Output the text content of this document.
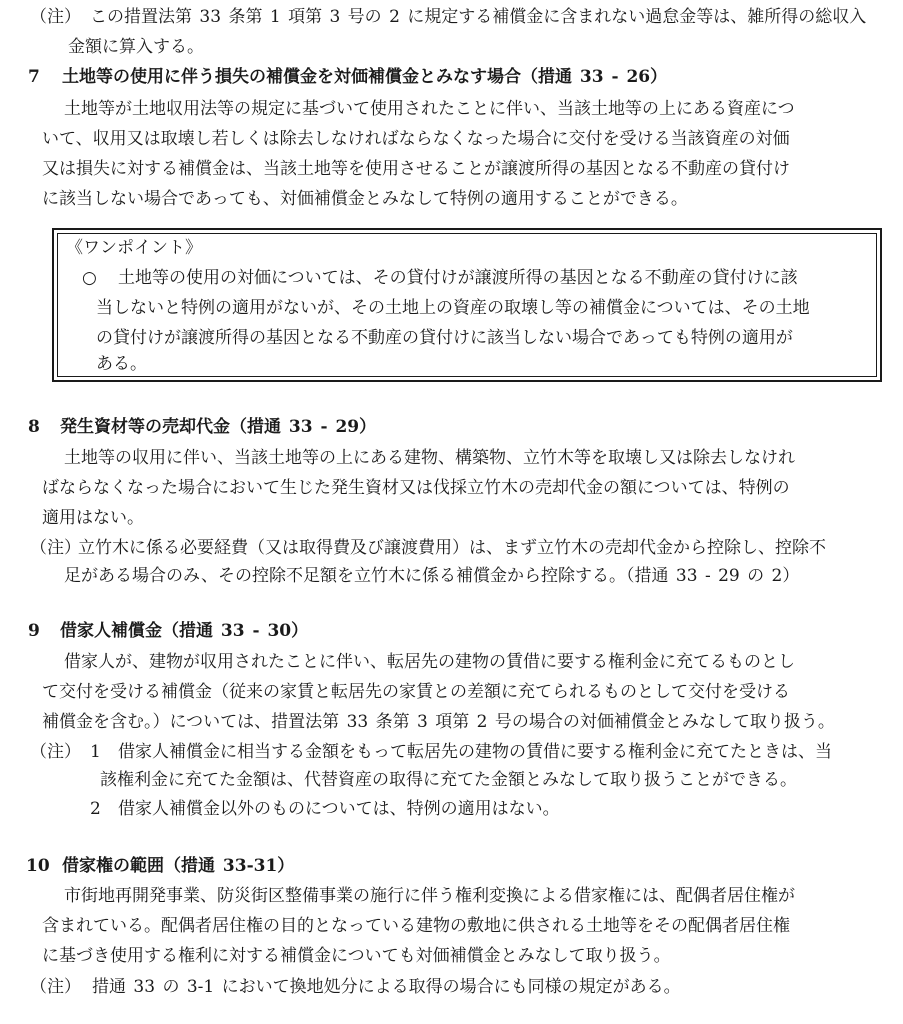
（注） この措置法第 33 条第 1 項第 3 号の 2 に規定する補償金に含まれない過怠金等は、雑所得の総収入
金額に算入する。
7 土地等の使用に伴う損失の補償金を対価補償金とみなす場合（措通 33 - 26）
土地等が土地収用法等の規定に基づいて使用されたことに伴い、当該土地等の上にある資産につ
いて、収用又は取壊し若しくは除去しなければならなくなった場合に交付を受ける当該資産の対価
又は損失に対する補償金は、当該土地等を使用させることが譲渡所得の基因となる不動産の貸付け
に該当しない場合であっても、対価補償金とみなして特例の適用することができる。
《ワンポイント》
○ 土地等の使用の対価については、その貸付けが譲渡所得の基因となる不動産の貸付けに該
当しないと特例の適用がないが、その土地上の資産の取壊し等の補償金については、その土地
の貸付けが譲渡所得の基因となる不動産の貸付けに該当しない場合であっても特例の適用が
ある。
8 発生資材等の売却代金（措通 33 - 29）
土地等の収用に伴い、当該土地等の上にある建物、構築物、立竹木等を取壊し又は除去しなけれ
ばならなくなった場合において生じた発生資材又は伐採立竹木の売却代金の額については、特例の
適用はない。
（注）
立竹木に係る必要経費（又は取得費及び譲渡費用）は、まず立竹木の売却代金から控除し、控除不
足がある場合のみ、その控除不足額を立竹木に係る補償金から控除する。（措通 33 - 29 の 2）
9 借家人補償金（措通 33 - 30）
借家人が、建物が収用されたことに伴い、転居先の建物の賃借に要する権利金に充てるものとし
て交付を受ける補償金（従来の家賃と転居先の家賃との差額に充てられるものとして交付を受ける
補償金を含む。）については、措置法第 33 条第 3 項第 2 号の場合の対価補償金とみなして取り扱う。
（注） 1 借家人補償金に相当する金額をもって転居先の建物の賃借に要する権利金に充てたときは、当
該権利金に充てた金額は、代替資産の取得に充てた金額とみなして取り扱うことができる。
2 借家人補償金以外のものについては、特例の適用はない。
10 借家権の範囲（措通 33-31）
市街地再開発事業、防災街区整備事業の施行に伴う権利変換による借家権には、配偶者居住権が
含まれている。配偶者居住権の目的となっている建物の敷地に供される土地等をその配偶者居住権
に基づき使用する権利に対する補償金についても対価補償金とみなして取り扱う。
（注） 措通 33 の 3-1 において換地処分による取得の場合にも同様の規定がある。
